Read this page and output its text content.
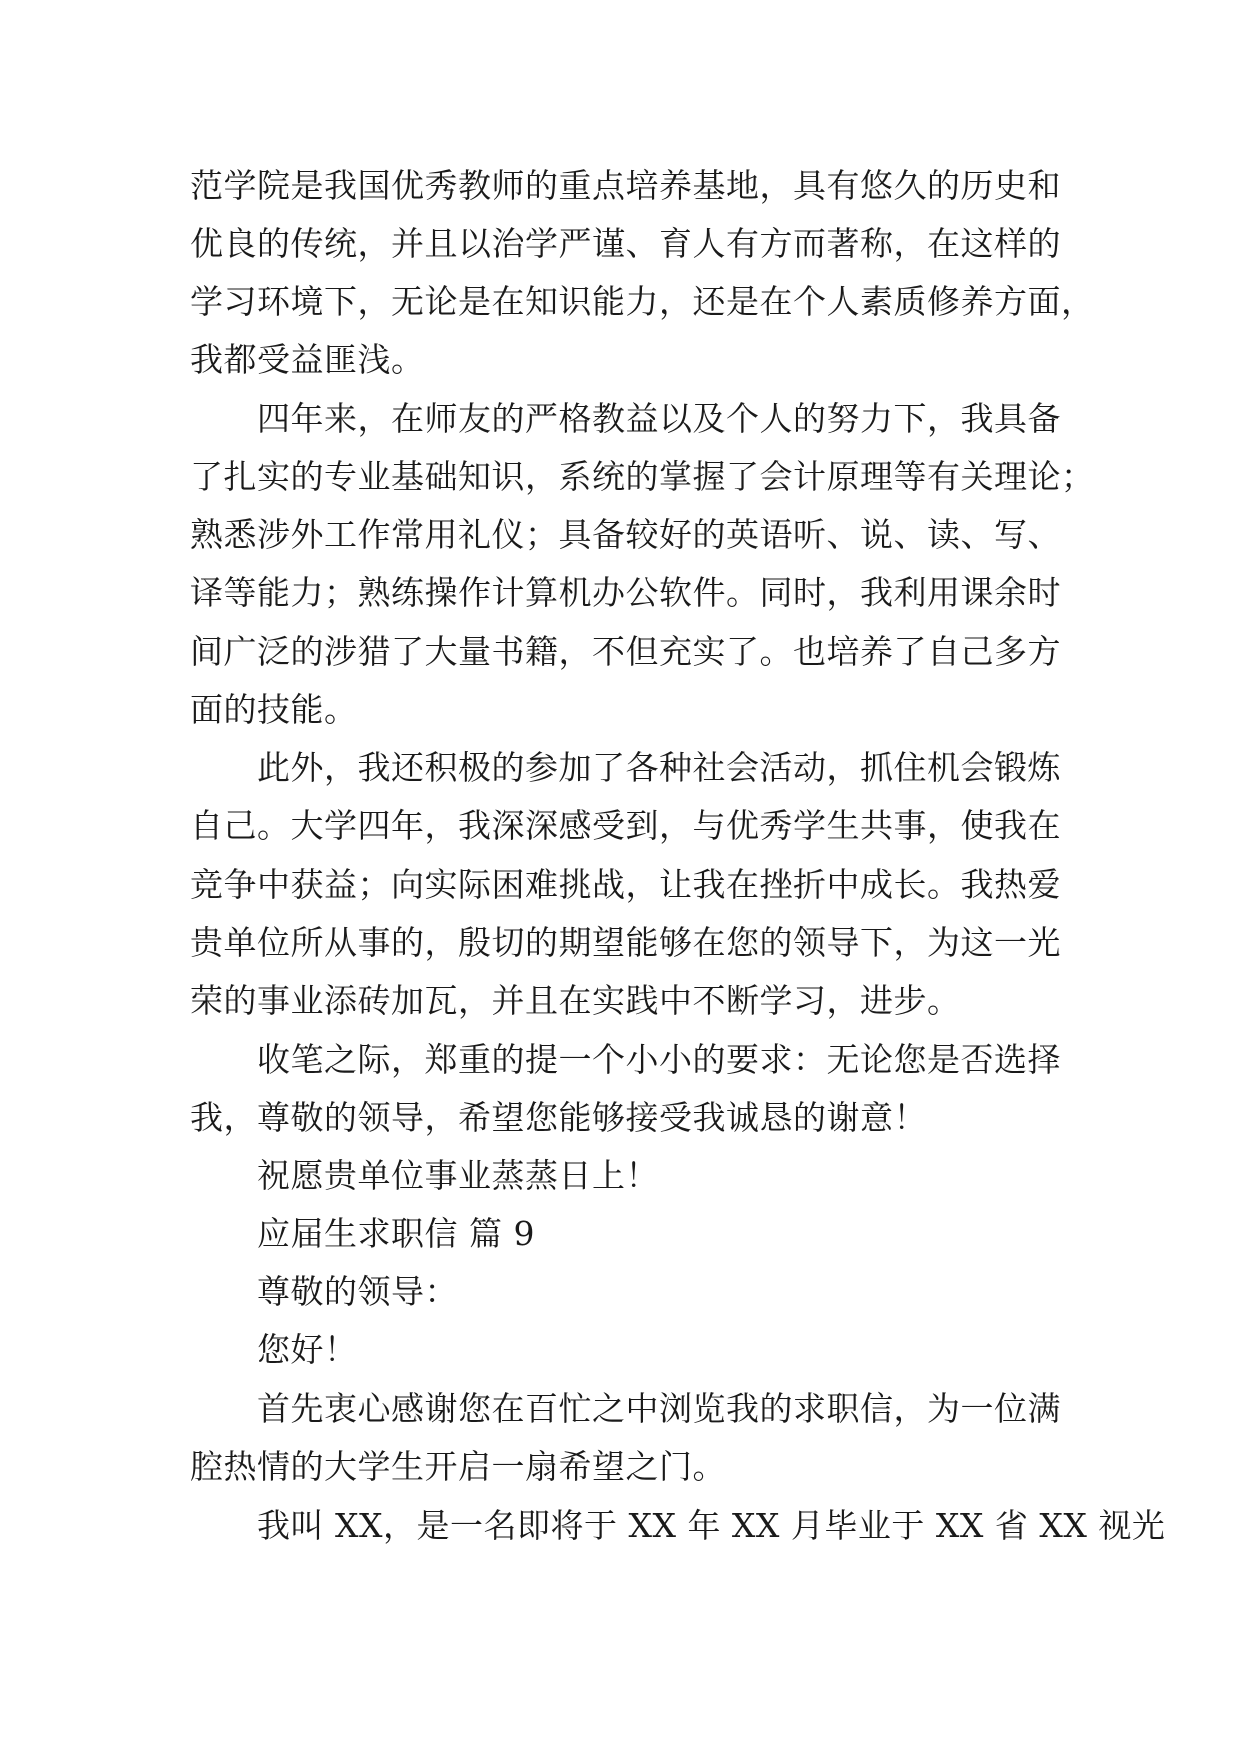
范学院是我国优秀教师的重点培养基地，具有悠久的历史和

优良的传统，并且以治学严谨、育人有方而著称，在这样的

学习环境下，无论是在知识能力，还是在个人素质修养方面，

我都受益匪浅。

四年来，在师友的严格教益以及个人的努力下，我具备

了扎实的专业基础知识，系统的掌握了会计原理等有关理论；

熟悉涉外工作常用礼仪；具备较好的英语听、说、读、写、

译等能力；熟练操作计算机办公软件。同时，我利用课余时

间广泛的涉猎了大量书籍，不但充实了。也培养了自己多方

面的技能。

此外，我还积极的参加了各种社会活动，抓住机会锻炼

自己。大学四年，我深深感受到，与优秀学生共事，使我在

竞争中获益；向实际困难挑战，让我在挫折中成长。我热爱

贵单位所从事的，殷切的期望能够在您的领导下，为这一光

荣的事业添砖加瓦，并且在实践中不断学习，进步。

收笔之际，郑重的提一个小小的要求：无论您是否选择

我，尊敬的领导，希望您能够接受我诚恳的谢意！

祝愿贵单位事业蒸蒸日上！

应届生求职信 篇 9

尊敬的领导：

您好！

首先衷心感谢您在百忙之中浏览我的求职信，为一位满

腔热情的大学生开启一扇希望之门。

我叫 XX，是一名即将于 XX 年 XX 月毕业于 XX 省 XX 视光
